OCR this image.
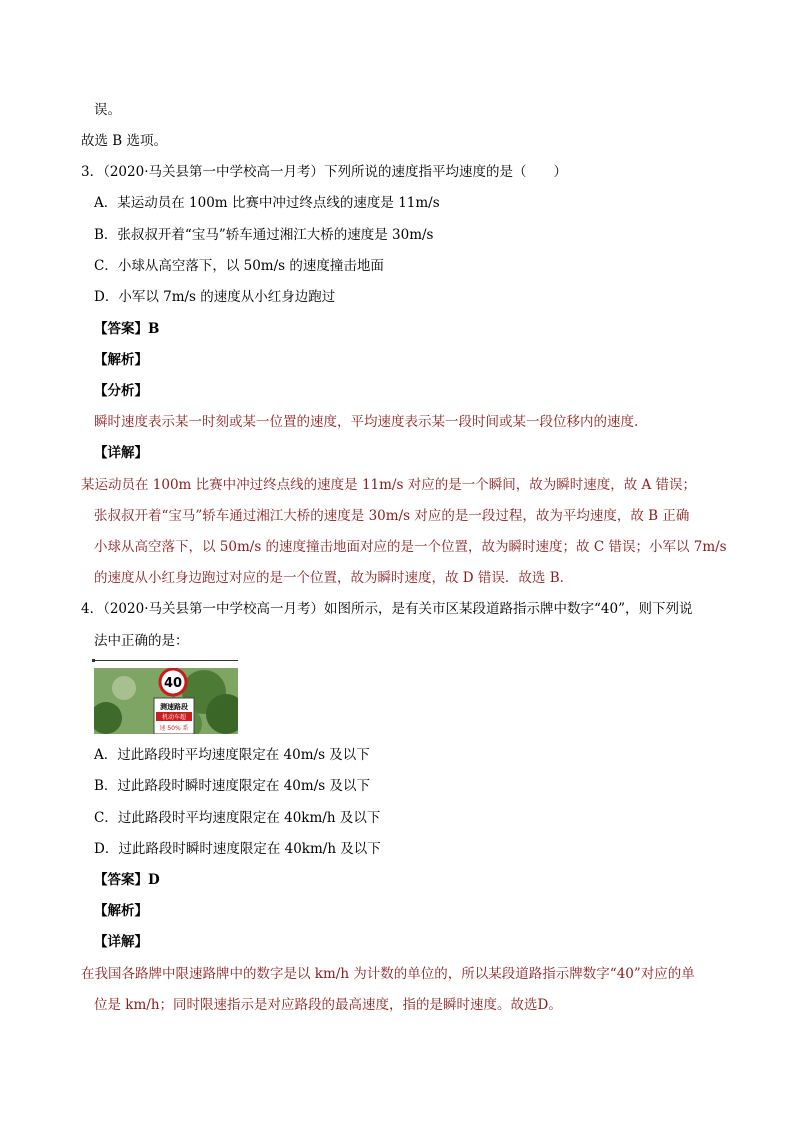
误。
故选 B 选项。
3．（2020·马关县第一中学校高一月考）下列所说的速度指平均速度的是（　　）
A．某运动员在 100m 比赛中冲过终点线的速度是 11m/s
B．张叔叔开着“宝马”轿车通过湘江大桥的速度是 30m/s
C．小球从高空落下，以 50m/s 的速度撞击地面
D．小军以 7m/s 的速度从小红身边跑过
【答案】B
【解析】
【分析】
瞬时速度表示某一时刻或某一位置的速度，平均速度表示某一段时间或某一段位移内的速度.
【详解】
某运动员在 100m 比赛中冲过终点线的速度是 11m/s 对应的是一个瞬间，故为瞬时速度，故 A 错误；
张叔叔开着“宝马”轿车通过湘江大桥的速度是 30m/s 对应的是一段过程，故为平均速度，故 B 正确
小球从高空落下，以 50m/s 的速度撞击地面对应的是一个位置，故为瞬时速度；故 C 错误；小军以 7m/s
的速度从小红身边跑过对应的是一个位置，故为瞬时速度，故 D 错误．故选 B．
4．（2020·马关县第一中学校高一月考）如图所示，是有关市区某段道路指示牌中数字“40”，则下列说
法中正确的是：
40
测速路段
机动车超
速 50% 系
A．过此路段时平均速度限定在 40m/s 及以下
B．过此路段时瞬时速度限定在 40m/s 及以下
C．过此路段时平均速度限定在 40km/h 及以下
D．过此路段时瞬时速度限定在 40km/h 及以下
【答案】D
【解析】
【详解】
在我国各路牌中限速路牌中的数字是以 km/h 为计数的单位的，所以某段道路指示牌数字“40”对应的单
位是 km/h；同时限速指示是对应路段的最高速度，指的是瞬时速度。故选D。
